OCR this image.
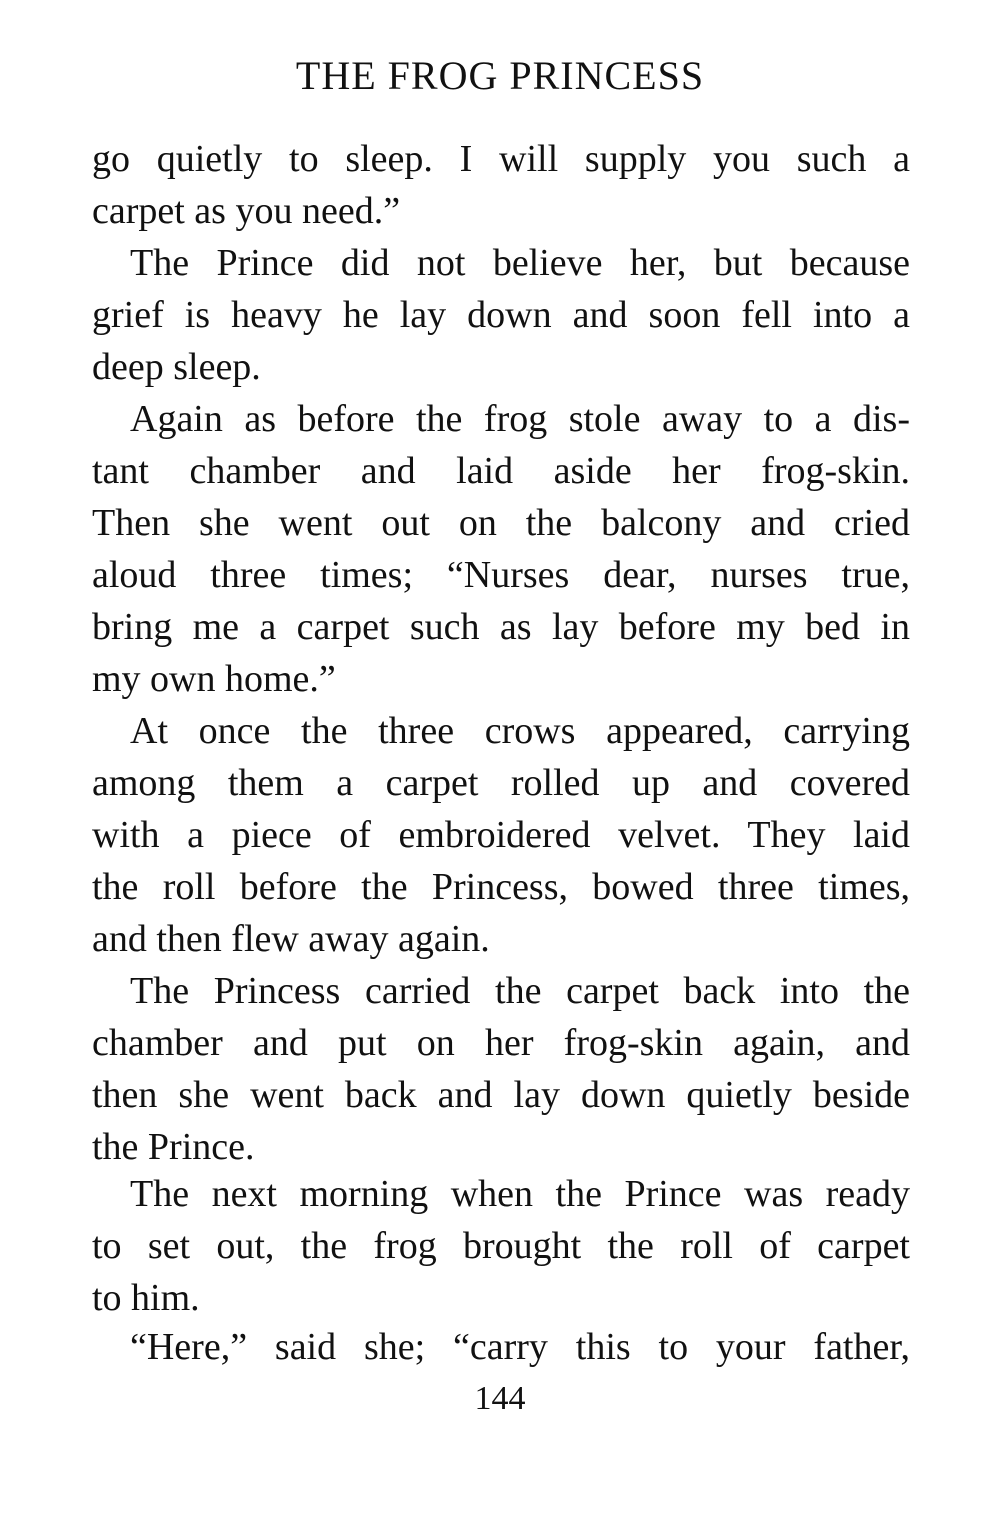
THE FROG PRINCESS
go quietly to sleep. I will supply you such a
carpet as you need.”
The Prince did not believe her, but because
grief is heavy he lay down and soon fell into a
deep sleep.
Again as before the frog stole away to a dis-
tant chamber and laid aside her frog-skin.
Then she went out on the balcony and cried
aloud three times; “Nurses dear, nurses true,
bring me a carpet such as lay before my bed in
my own home.”
At once the three crows appeared, carrying
among them a carpet rolled up and covered
with a piece of embroidered velvet. They laid
the roll before the Princess, bowed three times,
and then flew away again.
The Princess carried the carpet back into the
chamber and put on her frog-skin again, and
then she went back and lay down quietly beside
the Prince.
The next morning when the Prince was ready
to set out, the frog brought the roll of carpet
to him.
“Here,” said she; “carry this to your father,
144
